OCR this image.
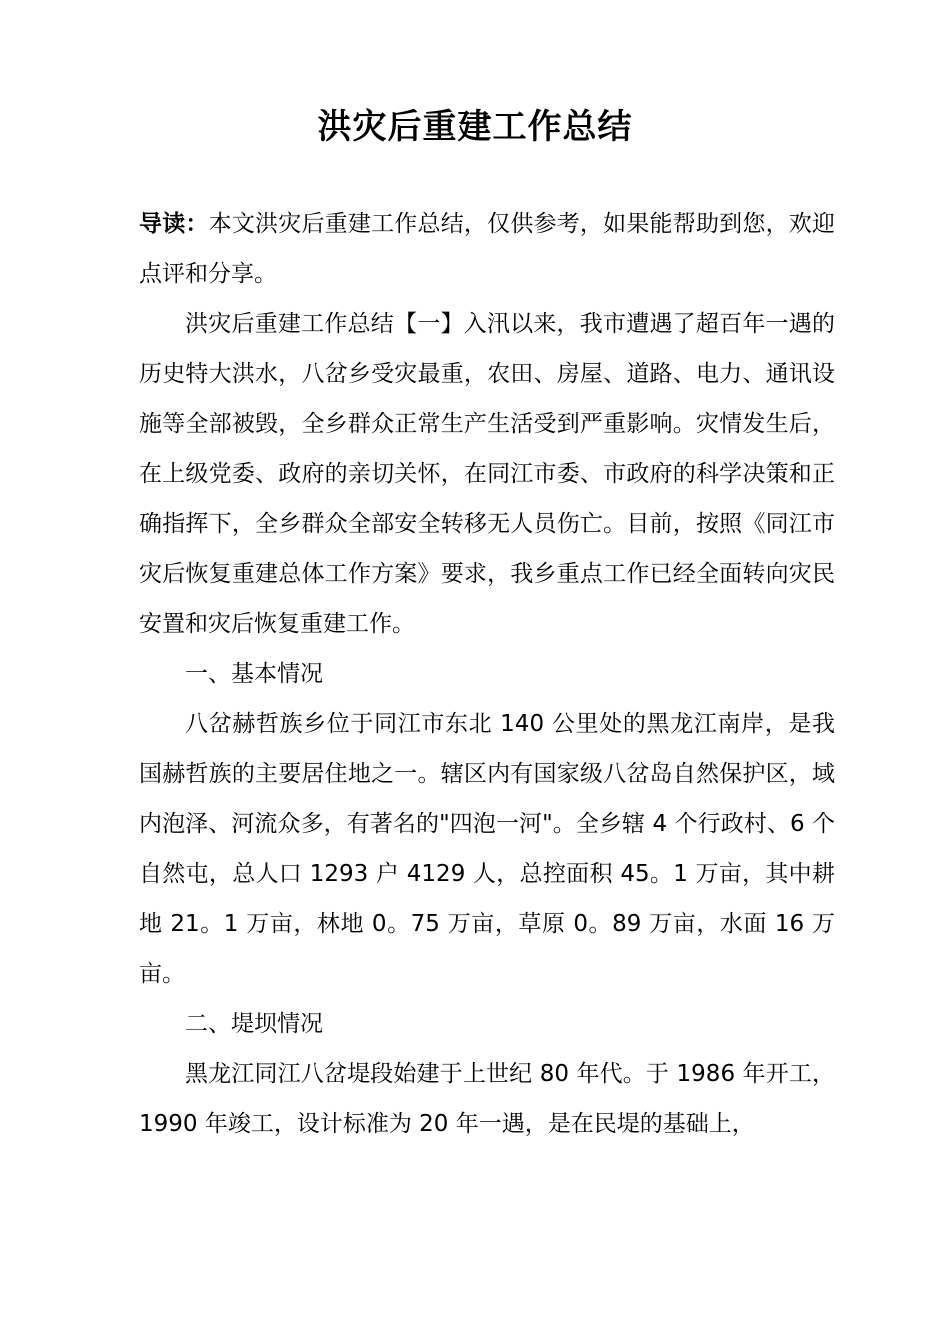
洪灾后重建工作总结

导读：本文洪灾后重建工作总结，仅供参考，如果能帮助到您，欢迎点评和分享。

洪灾后重建工作总结【一】入汛以来，我市遭遇了超百年一遇的历史特大洪水，八岔乡受灾最重，农田、房屋、道路、电力、通讯设施等全部被毁，全乡群众正常生产生活受到严重影响。灾情发生后，在上级党委、政府的亲切关怀，在同江市委、市政府的科学决策和正确指挥下，全乡群众全部安全转移无人员伤亡。目前，按照《同江市灾后恢复重建总体工作方案》要求，我乡重点工作已经全面转向灾民安置和灾后恢复重建工作。

一、基本情况

八岔赫哲族乡位于同江市东北 140 公里处的黑龙江南岸，是我国赫哲族的主要居住地之一。辖区内有国家级八岔岛自然保护区，域内泡泽、河流众多，有著名的"四泡一河"。全乡辖 4 个行政村、6 个自然屯，总人口 1293 户 4129 人，总控面积 45。1 万亩，其中耕地 21。1 万亩，林地 0。75 万亩，草原 0。89 万亩，水面 16 万亩。

二、堤坝情况

黑龙江同江八岔堤段始建于上世纪 80 年代。于 1986 年开工，1990 年竣工，设计标准为 20 年一遇，是在民堤的基础上，
